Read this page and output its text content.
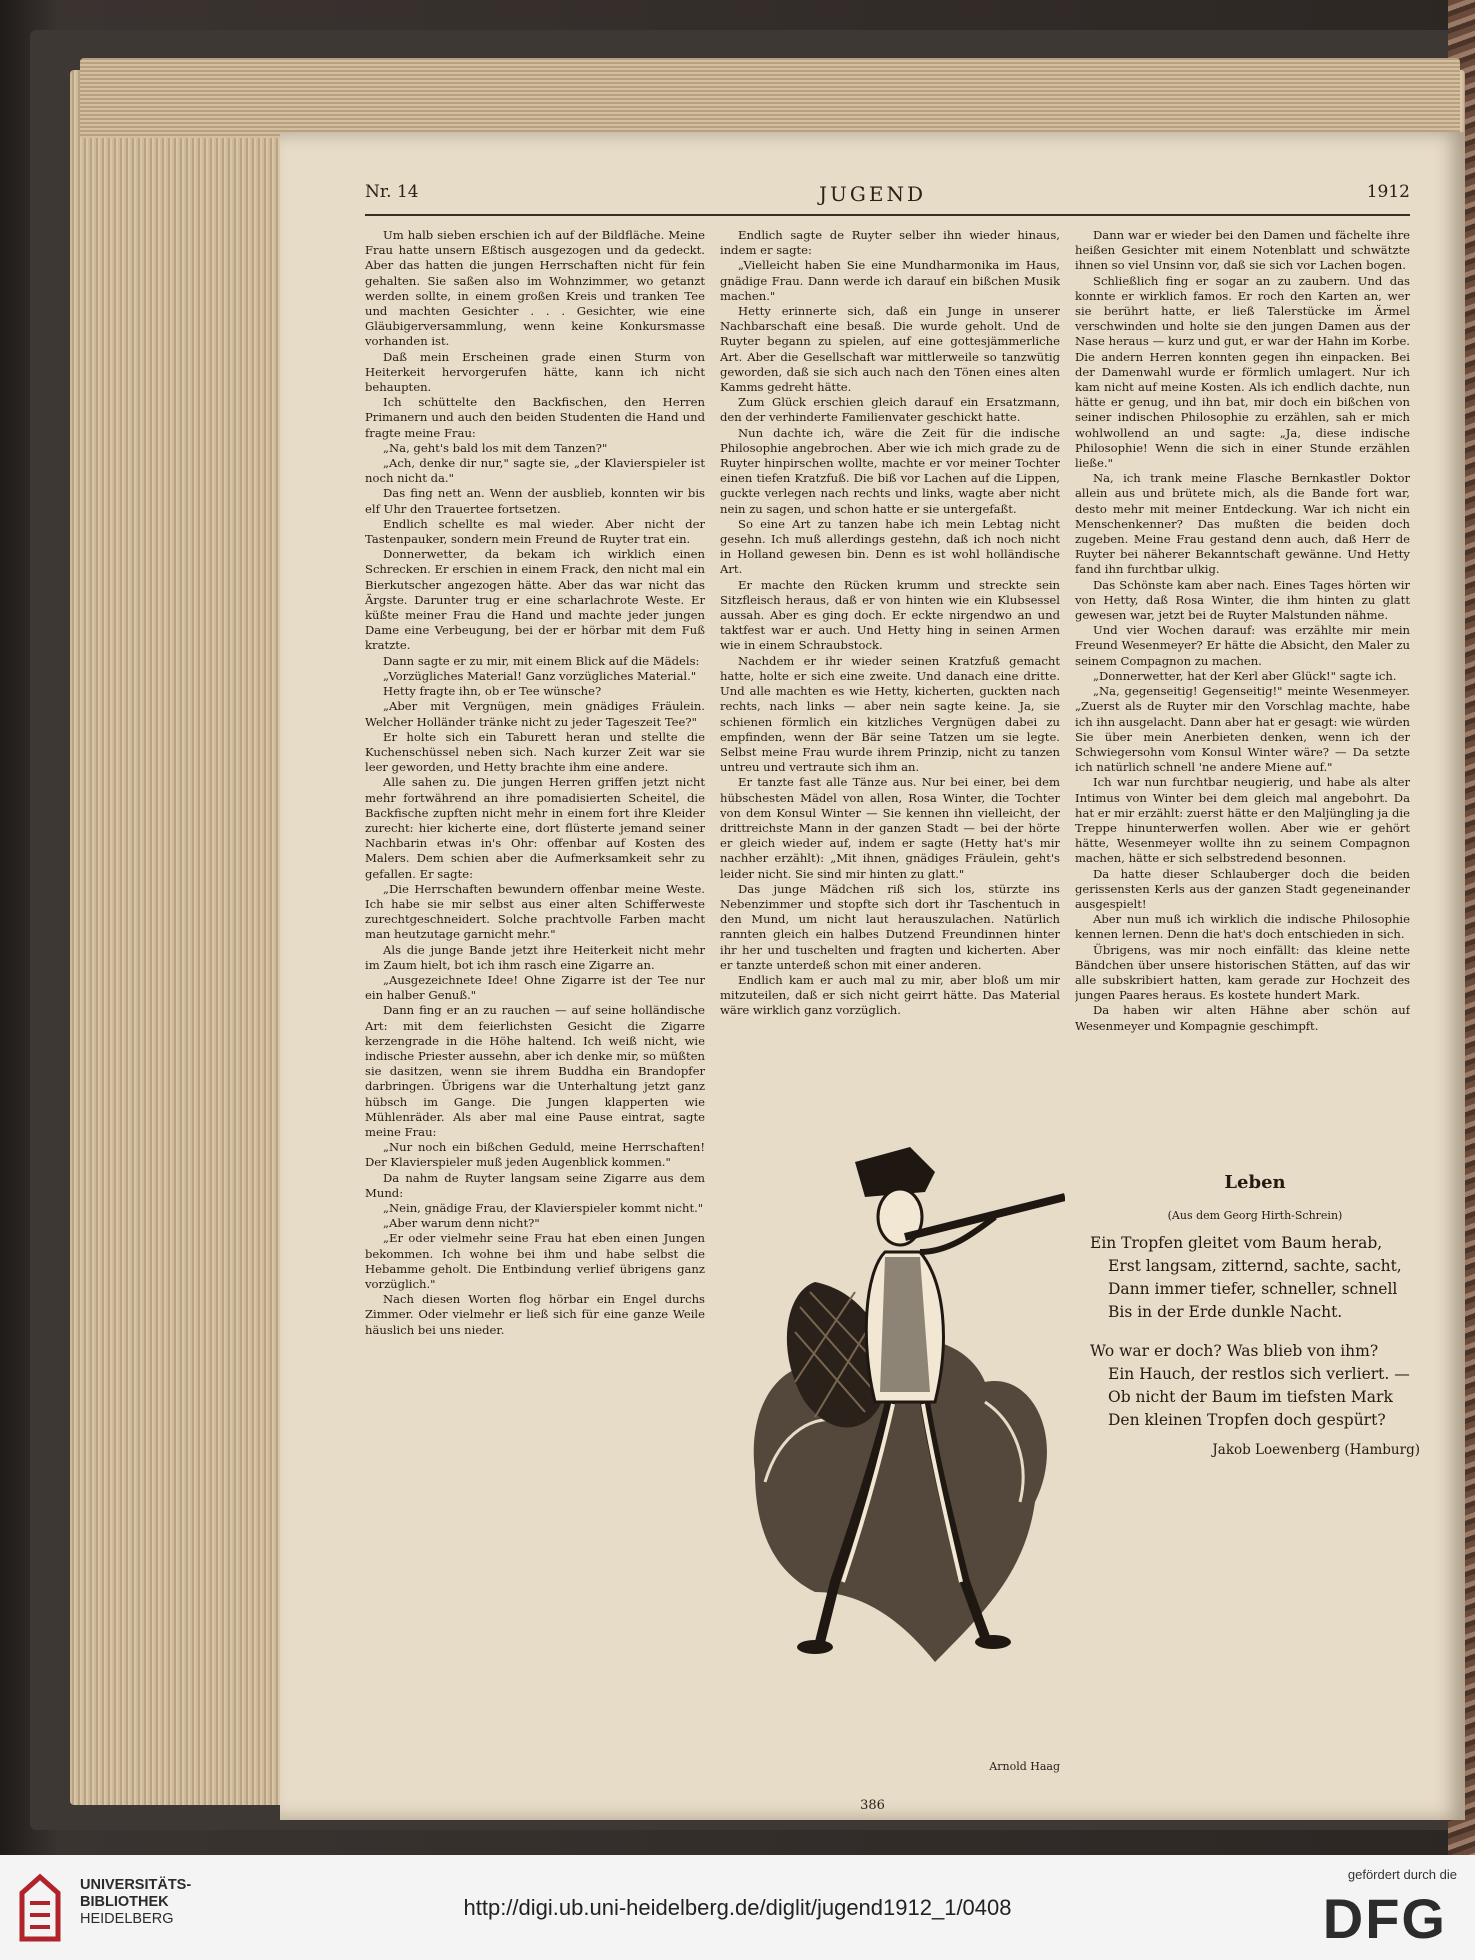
Nr. 14	JUGEND	1912

Um halb sieben erschien ich auf der Bildfläche. Meine Frau hatte unsern Eßtisch ausgezogen und da gedeckt. Aber das hatten die jungen Herrschaften nicht für fein gehalten. Sie saßen also im Wohnzimmer, wo getanzt werden sollte, in einem großen Kreis und tranken Tee und machten Gesichter . . . Gesichter, wie eine Gläubigerversammlung, wenn keine Konkursmasse vorhanden ist.

Daß mein Erscheinen grade einen Sturm von Heiterkeit hervorgerufen hätte, kann ich nicht behaupten.

Ich schüttelte den Backfischen, den Herren Primanern und auch den beiden Studenten die Hand und fragte meine Frau:

„Na, geht's bald los mit dem Tanzen?"

„Ach, denke dir nur," sagte sie, „der Klavierspieler ist noch nicht da."

Das fing nett an. Wenn der ausblieb, konnten wir bis elf Uhr den Trauertee fortsetzen.

Endlich schellte es mal wieder. Aber nicht der Tastenpauker, sondern mein Freund de Ruyter trat ein.

Donnerwetter, da bekam ich wirklich einen Schrecken. Er erschien in einem Frack, den nicht mal ein Bierkutscher angezogen hätte. Aber das war nicht das Ärgste. Darunter trug er eine scharlachrote Weste. Er küßte meiner Frau die Hand und machte jeder jungen Dame eine Verbeugung, bei der er hörbar mit dem Fuß kratzte.

Dann sagte er zu mir, mit einem Blick auf die Mädels:

„Vorzügliches Material! Ganz vorzügliches Material."

Hetty fragte ihn, ob er Tee wünsche?

„Aber mit Vergnügen, mein gnädiges Fräulein. Welcher Holländer tränke nicht zu jeder Tageszeit Tee?"

Er holte sich ein Taburett heran und stellte die Kuchenschüssel neben sich. Nach kurzer Zeit war sie leer geworden, und Hetty brachte ihm eine andere.

Alle sahen zu. Die jungen Herren griffen jetzt nicht mehr fortwährend an ihre pomadisierten Scheitel, die Backfische zupften nicht mehr in einem fort ihre Kleider zurecht: hier kicherte eine, dort flüsterte jemand seiner Nachbarin etwas in's Ohr: offenbar auf Kosten des Malers. Dem schien aber die Aufmerksamkeit sehr zu gefallen. Er sagte:

„Die Herrschaften bewundern offenbar meine Weste. Ich habe sie mir selbst aus einer alten Schifferweste zurechtgeschneidert. Solche prachtvolle Farben macht man heutzutage garnicht mehr."

Als die junge Bande jetzt ihre Heiterkeit nicht mehr im Zaum hielt, bot ich ihm rasch eine Zigarre an.

„Ausgezeichnete Idee! Ohne Zigarre ist der Tee nur ein halber Genuß."

Dann fing er an zu rauchen — auf seine holländische Art: mit dem feierlichsten Gesicht die Zigarre kerzengrade in die Höhe haltend. Ich weiß nicht, wie indische Priester aussehn, aber ich denke mir, so müßten sie dasitzen, wenn sie ihrem Buddha ein Brandopfer darbringen. Übrigens war die Unterhaltung jetzt ganz hübsch im Gange. Die Jungen klapperten wie Mühlenräder. Als aber mal eine Pause eintrat, sagte meine Frau:

„Nur noch ein bißchen Geduld, meine Herrschaften! Der Klavierspieler muß jeden Augenblick kommen."

Da nahm de Ruyter langsam seine Zigarre aus dem Mund:

„Nein, gnädige Frau, der Klavierspieler kommt nicht."

„Aber warum denn nicht?"

„Er oder vielmehr seine Frau hat eben einen Jungen bekommen. Ich wohne bei ihm und habe selbst die Hebamme geholt. Die Entbindung verlief übrigens ganz vorzüglich."

Nach diesen Worten flog hörbar ein Engel durchs Zimmer. Oder vielmehr er ließ sich für eine ganze Weile häuslich bei uns nieder.

Endlich sagte de Ruyter selber ihn wieder hinaus, indem er sagte:

„Vielleicht haben Sie eine Mundharmonika im Haus, gnädige Frau. Dann werde ich darauf ein bißchen Musik machen."

Hetty erinnerte sich, daß ein Junge in unserer Nachbarschaft eine besaß. Die wurde geholt. Und de Ruyter begann zu spielen, auf eine gottesjämmerliche Art. Aber die Gesellschaft war mittlerweile so tanzwütig geworden, daß sie sich auch nach den Tönen eines alten Kamms gedreht hätte.

Zum Glück erschien gleich darauf ein Ersatzmann, den der verhinderte Familienvater geschickt hatte.

Nun dachte ich, wäre die Zeit für die indische Philosophie angebrochen. Aber wie ich mich grade zu de Ruyter hinpirschen wollte, machte er vor meiner Tochter einen tiefen Kratzfuß. Die biß vor Lachen auf die Lippen, guckte verlegen nach rechts und links, wagte aber nicht nein zu sagen, und schon hatte er sie untergefaßt.

So eine Art zu tanzen habe ich mein Lebtag nicht gesehn. Ich muß allerdings gestehn, daß ich noch nicht in Holland gewesen bin. Denn es ist wohl holländische Art.

Er machte den Rücken krumm und streckte sein Sitzfleisch heraus, daß er von hinten wie ein Klubsessel aussah. Aber es ging doch. Er eckte nirgendwo an und taktfest war er auch. Und Hetty hing in seinen Armen wie in einem Schraubstock.

Nachdem er ihr wieder seinen Kratzfuß gemacht hatte, holte er sich eine zweite. Und danach eine dritte. Und alle machten es wie Hetty, kicherten, guckten nach rechts, nach links — aber nein sagte keine. Ja, sie schienen förmlich ein kitzliches Vergnügen dabei zu empfinden, wenn der Bär seine Tatzen um sie legte. Selbst meine Frau wurde ihrem Prinzip, nicht zu tanzen untreu und vertraute sich ihm an.

Er tanzte fast alle Tänze aus. Nur bei einer, bei dem hübschesten Mädel von allen, Rosa Winter, die Tochter von dem Konsul Winter — Sie kennen ihn vielleicht, der drittreichste Mann in der ganzen Stadt — bei der hörte er gleich wieder auf, indem er sagte (Hetty hat's mir nachher erzählt): „Mit ihnen, gnädiges Fräulein, geht's leider nicht. Sie sind mir hinten zu glatt."

Das junge Mädchen riß sich los, stürzte ins Nebenzimmer und stopfte sich dort ihr Taschentuch in den Mund, um nicht laut herauszulachen. Natürlich rannten gleich ein halbes Dutzend Freundinnen hinter ihr her und tuschelten und fragten und kicherten. Aber er tanzte unterdeß schon mit einer anderen.

Endlich kam er auch mal zu mir, aber bloß um mir mitzuteilen, daß er sich nicht geirrt hätte. Das Material wäre wirklich ganz vorzüglich.

Dann war er wieder bei den Damen und fächelte ihre heißen Gesichter mit einem Notenblatt und schwätzte ihnen so viel Unsinn vor, daß sie sich vor Lachen bogen.

Schließlich fing er sogar an zu zaubern. Und das konnte er wirklich famos. Er roch den Karten an, wer sie berührt hatte, er ließ Talerstücke im Ärmel verschwinden und holte sie den jungen Damen aus der Nase heraus — kurz und gut, er war der Hahn im Korbe. Die andern Herren konnten gegen ihn einpacken. Bei der Damenwahl wurde er förmlich umlagert. Nur ich kam nicht auf meine Kosten. Als ich endlich dachte, nun hätte er genug, und ihn bat, mir doch ein bißchen von seiner indischen Philosophie zu erzählen, sah er mich wohlwollend an und sagte: „Ja, diese indische Philosophie! Wenn die sich in einer Stunde erzählen ließe."

Na, ich trank meine Flasche Bernkastler Doktor allein aus und brütete mich, als die Bande fort war, desto mehr mit meiner Entdeckung. War ich nicht ein Menschenkenner? Das mußten die beiden doch zugeben. Meine Frau gestand denn auch, daß Herr de Ruyter bei näherer Bekanntschaft gewänne. Und Hetty fand ihn furchtbar ulkig.

Das Schönste kam aber nach. Eines Tages hörten wir von Hetty, daß Rosa Winter, die ihm hinten zu glatt gewesen war, jetzt bei de Ruyter Malstunden nähme.

Und vier Wochen darauf: was erzählte mir mein Freund Wesenmeyer? Er hätte die Absicht, den Maler zu seinem Compagnon zu machen.

„Donnerwetter, hat der Kerl aber Glück!" sagte ich.

„Na, gegenseitig! Gegenseitig!" meinte Wesenmeyer. „Zuerst als de Ruyter mir den Vorschlag machte, habe ich ihn ausgelacht. Dann aber hat er gesagt: wie würden Sie über mein Anerbieten denken, wenn ich der Schwiegersohn vom Konsul Winter wäre? — Da setzte ich natürlich schnell 'ne andere Miene auf."

Ich war nun furchtbar neugierig, und habe als alter Intimus von Winter bei dem gleich mal angebohrt. Da hat er mir erzählt: zuerst hätte er den Maljüngling ja die Treppe hinunterwerfen wollen. Aber wie er gehört hätte, Wesenmeyer wollte ihn zu seinem Compagnon machen, hätte er sich selbstredend besonnen.

Da hatte dieser Schlauberger doch die beiden gerissensten Kerls aus der ganzen Stadt gegeneinander ausgespielt!

Aber nun muß ich wirklich die indische Philosophie kennen lernen. Denn die hat's doch entschieden in sich.

Übrigens, was mir noch einfällt: das kleine nette Bändchen über unsere historischen Stätten, auf das wir alle subskribiert hatten, kam gerade zur Hochzeit des jungen Paares heraus. Es kostete hundert Mark.

Da haben wir alten Hähne aber schön auf Wesenmeyer und Kompagnie geschimpft.

Arnold Haag
Leben
(Aus dem Georg Hirth-Schrein)
Ein Tropfen gleitet vom Baum herab,
Erst langsam, zitternd, sachte, sacht,
Dann immer tiefer, schneller, schnell
Bis in der Erde dunkle Nacht.
Wo war er doch? Was blieb von ihm?
Ein Hauch, der restlos sich verliert. —
Ob nicht der Baum im tiefsten Mark
Den kleinen Tropfen doch gespürt?
Jakob Loewenberg (Hamburg)
386
UNIVERSITÄTS-
BIBLIOTHEK
HEIDELBERG	http://digi.ub.uni-heidelberg.de/diglit/jugend1912_1/0408
gefördert durch die
DFG
